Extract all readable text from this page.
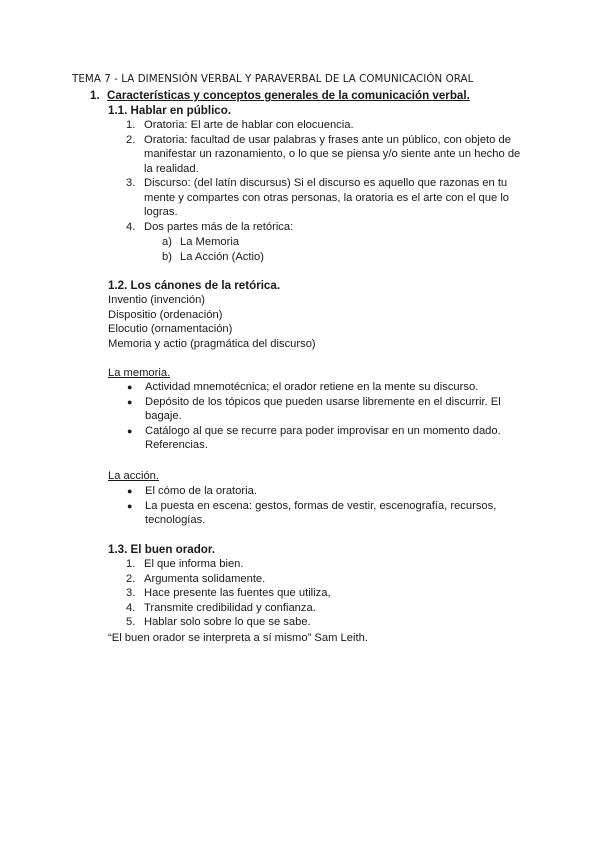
TEMA 7 - LA DIMENSIÓN VERBAL Y PARAVERBAL DE LA COMUNICACIÓN ORAL
1. Características y conceptos generales de la comunicación verbal.
1.1. Hablar en público.
1. Oratoria: El arte de hablar con elocuencia.
2. Oratoria: facultad de usar palabras y frases ante un público, con objeto de
manifestar un razonamiento, o lo que se piensa y/o siente ante un hecho de
la realidad.
3. Discurso: (del latín discursus) Si el discurso es aquello que razonas en tu
mente y compartes con otras personas, la oratoria es el arte con el que lo
logras.
4. Dos partes más de la retórica:
a) La Memoria
b) La Acción (Actio)
1.2. Los cánones de la retórica.
Inventio (invención)
Dispositio (ordenación)
Elocutio (ornamentación)
Memoria y actio (pragmática del discurso)
La memoria.
● Actividad mnemotécnica; el orador retiene en la mente su discurso.
● Depósito de los tópicos que pueden usarse libremente en el discurrir. El
bagaje.
● Catálogo al que se recurre para poder improvisar en un momento dado.
Referencias.
La acción.
● El cómo de la oratoria.
● La puesta en escena: gestos, formas de vestir, escenografía, recursos,
tecnologías.
1.3. El buen orador.
1. El que informa bien.
2. Argumenta solidamente.
3. Hace presente las fuentes que utiliza,
4. Transmite credibilidad y confianza.
5. Hablar solo sobre lo que se sabe.
“El buen orador se interpreta a sí mismo” Sam Leith.
